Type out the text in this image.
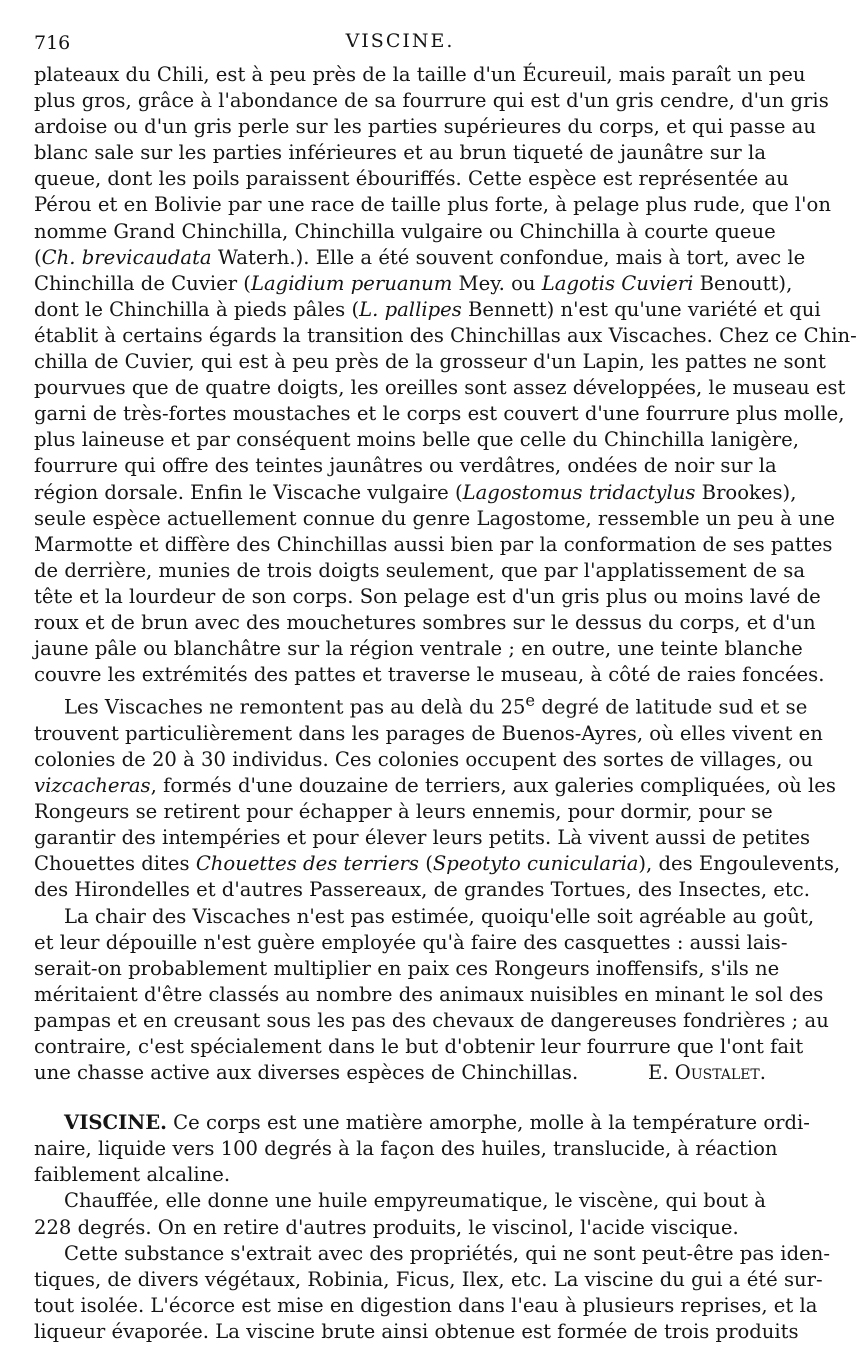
716	VISCINE.
plateaux du Chili, est à peu près de la taille d'un Écureuil, mais paraît un peu
plus gros, grâce à l'abondance de sa fourrure qui est d'un gris cendre, d'un gris
ardoise ou d'un gris perle sur les parties supérieures du corps, et qui passe au
blanc sale sur les parties inférieures et au brun tiqueté de jaunâtre sur la
queue, dont les poils paraissent ébouriffés. Cette espèce est représentée au
Pérou et en Bolivie par une race de taille plus forte, à pelage plus rude, que l'on
nomme Grand Chinchilla, Chinchilla vulgaire ou Chinchilla à courte queue
(Ch. brevicaudata Waterh.). Elle a été souvent confondue, mais à tort, avec le
Chinchilla de Cuvier (Lagidium peruanum Mey. ou Lagotis Cuvieri Benoutt),
dont le Chinchilla à pieds pâles (L. pallipes Bennett) n'est qu'une variété et qui
établit à certains égards la transition des Chinchillas aux Viscaches. Chez ce Chin-
chilla de Cuvier, qui est à peu près de la grosseur d'un Lapin, les pattes ne sont
pourvues que de quatre doigts, les oreilles sont assez développées, le museau est
garni de très-fortes moustaches et le corps est couvert d'une fourrure plus molle,
plus laineuse et par conséquent moins belle que celle du Chinchilla lanigère,
fourrure qui offre des teintes jaunâtres ou verdâtres, ondées de noir sur la
région dorsale. Enfin le Viscache vulgaire (Lagostomus tridactylus Brookes),
seule espèce actuellement connue du genre Lagostome, ressemble un peu à une
Marmotte et diffère des Chinchillas aussi bien par la conformation de ses pattes
de derrière, munies de trois doigts seulement, que par l'applatissement de sa
tête et la lourdeur de son corps. Son pelage est d'un gris plus ou moins lavé de
roux et de brun avec des mouchetures sombres sur le dessus du corps, et d'un
jaune pâle ou blanchâtre sur la région ventrale ; en outre, une teinte blanche
couvre les extrémités des pattes et traverse le museau, à côté de raies foncées.
Les Viscaches ne remontent pas au delà du 25e degré de latitude sud et se
trouvent particulièrement dans les parages de Buenos-Ayres, où elles vivent en
colonies de 20 à 30 individus. Ces colonies occupent des sortes de villages, ou
vizcacheras, formés d'une douzaine de terriers, aux galeries compliquées, où les
Rongeurs se retirent pour échapper à leurs ennemis, pour dormir, pour se
garantir des intempéries et pour élever leurs petits. Là vivent aussi de petites
Chouettes dites Chouettes des terriers (Speotyto cunicularia), des Engoulevents,
des Hirondelles et d'autres Passereaux, de grandes Tortues, des Insectes, etc.
La chair des Viscaches n'est pas estimée, quoiqu'elle soit agréable au goût,
et leur dépouille n'est guère employée qu'à faire des casquettes : aussi lais-
serait-on probablement multiplier en paix ces Rongeurs inoffensifs, s'ils ne
méritaient d'être classés au nombre des animaux nuisibles en minant le sol des
pampas et en creusant sous les pas des chevaux de dangereuses fondrières ; au
contraire, c'est spécialement dans le but d'obtenir leur fourrure que l'ont fait
une chasse active aux diverses espèces de Chinchillas.	E. Oustalet.
VISCINE. Ce corps est une matière amorphe, molle à la température ordi-
naire, liquide vers 100 degrés à la façon des huiles, translucide, à réaction
faiblement alcaline.
Chauffée, elle donne une huile empyreumatique, le viscène, qui bout à
228 degrés. On en retire d'autres produits, le viscinol, l'acide viscique.
Cette substance s'extrait avec des propriétés, qui ne sont peut-être pas iden-
tiques, de divers végétaux, Robinia, Ficus, Ilex, etc. La viscine du gui a été sur-
tout isolée. L'écorce est mise en digestion dans l'eau à plusieurs reprises, et la
liqueur évaporée. La viscine brute ainsi obtenue est formée de trois produits
